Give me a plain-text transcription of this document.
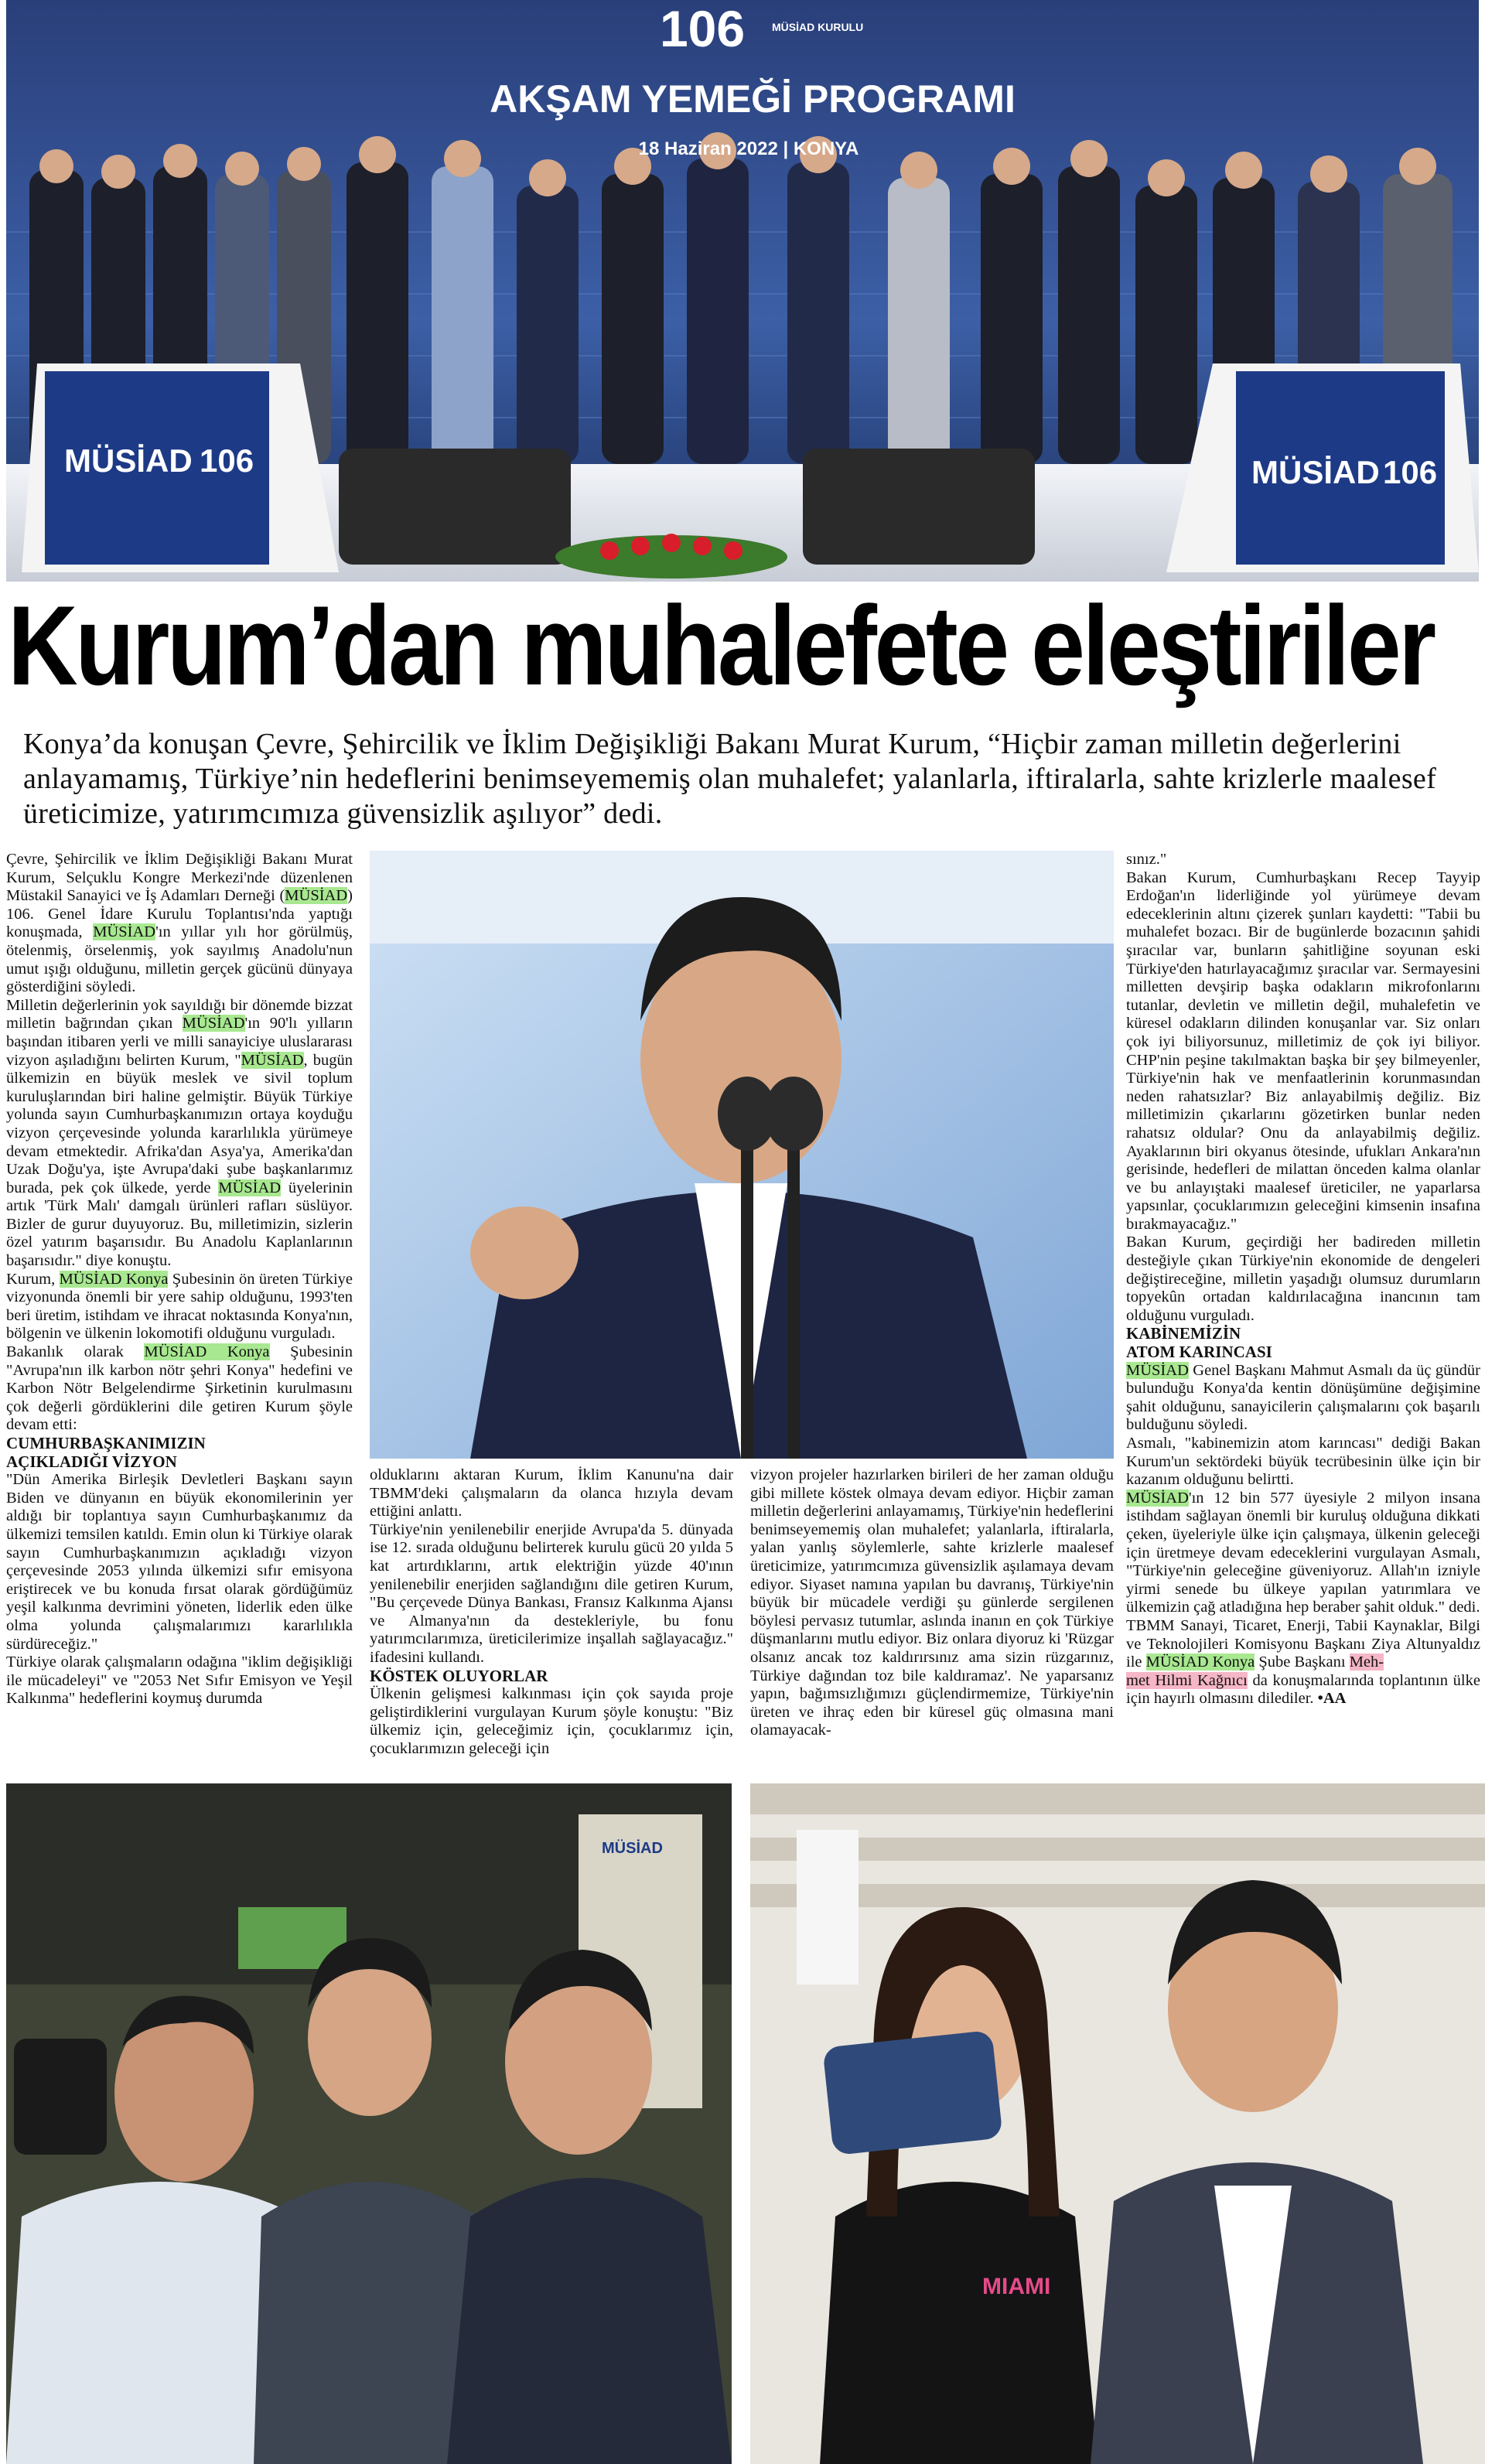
106 MÜSİAD KURULU
AKŞAM YEMEĞİ PROGRAMI
18 Haziran 2022 | KONYA
MÜSİAD 106	MÜSİAD 106
Kurum’dan muhalefete eleştiriler

Konya’da konuşan Çevre, Şehircilik ve İklim Değişikliği Bakanı Murat Kurum, “Hiçbir zaman milletin değerlerini anlayamamış, Türkiye’nin hedeflerini benimseyememiş olan muhalefet; yalanlarla, iftiralarla, sahte krizlerle maalesef üreticimize, yatırımcımıza güvensizlik aşılıyor” dedi.

Çevre, Şehircilik ve İklim Değişikliği Bakanı Murat Kurum, Selçuklu Kongre Merkezi'nde düzenlenen Müstakil Sanayici ve İş Adamları Derneği (MÜSİAD) 106. Genel İdare Kurulu Toplantısı'nda yaptığı konuşmada, MÜSİAD'ın yıllar yılı hor görülmüş, ötelenmiş, örselenmiş, yok sayılmış Anadolu'nun umut ışığı olduğunu, milletin gerçek gücünü dünyaya gösterdiğini söyledi.

Milletin değerlerinin yok sayıldığı bir dönemde bizzat milletin bağrından çıkan MÜSİAD'ın 90'lı yılların başından itibaren yerli ve milli sanayiciye uluslararası vizyon aşıladığını belirten Kurum, "MÜSİAD, bugün ülkemizin en büyük meslek ve sivil toplum kuruluşlarından biri haline gelmiştir. Büyük Türkiye yolunda sayın Cumhurbaşkanımızın ortaya koyduğu vizyon çerçevesinde yolunda kararlılıkla yürümeye devam etmektedir. Afrika'dan Asya'ya, Amerika'dan Uzak Doğu'ya, işte Avrupa'daki şube başkanlarımız burada, pek çok ülkede, yerde MÜSİAD üyelerinin artık 'Türk Malı' damgalı ürünleri rafları süslüyor. Bizler de gurur duyuyoruz. Bu, milletimizin, sizlerin özel yatırım başarısıdır. Bu Anadolu Kaplanlarının başarısıdır." diye konuştu.

Kurum, MÜSİAD Konya Şubesinin ön üreten Türkiye vizyonunda önemli bir yere sahip olduğunu, 1993'ten beri üretim, istihdam ve ihracat noktasında Konya'nın, bölgenin ve ülkenin lokomotifi olduğunu vurguladı.

Bakanlık olarak MÜSİAD Konya Şubesinin "Avrupa'nın ilk karbon nötr şehri Konya" hedefini ve Karbon Nötr Belgelendirme Şirketinin kurulmasını çok değerli gördüklerini dile getiren Kurum şöyle devam etti:

CUMHURBAŞKANIMIZIN
AÇIKLADIĞI VİZYON

"Dün Amerika Birleşik Devletleri Başkanı sayın Biden ve dünyanın en büyük ekonomilerinin yer aldığı bir toplantıya sayın Cumhurbaşkanımız da ülkemizi temsilen katıldı. Emin olun ki Türkiye olarak sayın Cumhurbaşkanımızın açıkladığı vizyon çerçevesinde 2053 yılında ülkemizi sıfır emisyona eriştirecek ve bu konuda fırsat olarak gördüğümüz yeşil kalkınma devrimini yöneten, liderlik eden ülke olma yolunda çalışmalarımızı kararlılıkla sürdüreceğiz."

Türkiye olarak çalışmaların odağına "iklim değişikliği ile mücadeleyi" ve "2053 Net Sıfır Emisyon ve Yeşil Kalkınma" hedeflerini koymuş durumda

olduklarını aktaran Kurum, İklim Kanunu'na dair TBMM'deki çalışmaların da olanca hızıyla devam ettiğini anlattı.

Türkiye'nin yenilenebilir enerjide Avrupa'da 5. dünyada ise 12. sırada olduğunu belirterek kurulu gücü 20 yılda 5 kat artırdıklarını, artık elektriğin yüzde 40'ının yenilenebilir enerjiden sağlandığını dile getiren Kurum, "Bu çerçevede Dünya Bankası, Fransız Kalkınma Ajansı ve Almanya'nın da destekleriyle, bu fonu yatırımcılarımıza, üreticilerimize inşallah sağlayacağız." ifadesini kullandı.

KÖSTEK OLUYORLAR

Ülkenin gelişmesi kalkınması için çok sayıda proje geliştirdiklerini vurgulayan Kurum şöyle konuştu: "Biz ülkemiz için, geleceğimiz için, çocuklarımız için, çocuklarımızın geleceği için

vizyon projeler hazırlarken birileri de her zaman olduğu gibi millete köstek olmaya devam ediyor. Hiçbir zaman milletin değerlerini anlayamamış, Türkiye'nin hedeflerini benimseyememiş olan muhalefet; yalanlarla, iftiralarla, yalan yanlış söylemlerle, sahte krizlerle maalesef üreticimize, yatırımcımıza güvensizlik aşılamaya devam ediyor. Siyaset namına yapılan bu davranış, Türkiye'nin büyük bir mücadele verdiği şu günlerde sergilenen böylesi pervasız tutumlar, aslında inanın en çok Türkiye düşmanlarını mutlu ediyor. Biz onlara diyoruz ki 'Rüzgar olsanız ancak toz kaldırırsınız ama sizin rüzgarınız, Türkiye dağından toz bile kaldıramaz'. Ne yaparsanız yapın, bağımsızlığımızı güçlendirmemize, Türkiye'nin üreten ve ihraç eden bir küresel güç olmasına mani olamayacak-

sınız."

Bakan Kurum, Cumhurbaşkanı Recep Tayyip Erdoğan'ın liderliğinde yol yürümeye devam edeceklerinin altını çizerek şunları kaydetti: "Tabii bu muhalefet bozacı. Bir de bugünlerde bozacının şahidi şıracılar var, bunların şahitliğine soyunan eski Türkiye'den hatırlayacağımız şıracılar var. Sermayesini milletten devşirip başka odakların mikrofonlarını tutanlar, devletin ve milletin değil, muhalefetin ve küresel odakların dilinden konuşanlar var. Siz onları çok iyi biliyorsunuz, milletimiz de çok iyi biliyor. CHP'nin peşine takılmaktan başka bir şey bilmeyenler, Türkiye'nin hak ve menfaatlerinin korunmasından neden rahatsızlar? Biz anlayabilmiş değiliz. Biz milletimizin çıkarlarını gözetirken bunlar neden rahatsız oldular? Onu da anlayabilmiş değiliz. Ayaklarının biri okyanus ötesinde, ufukları Ankara'nın gerisinde, hedefleri de milattan önceden kalma olanlar ve bu anlayıştaki maalesef üreticiler, ne yaparlarsa yapsınlar, çocuklarımızın geleceğini kimsenin insafına bırakmayacağız."

Bakan Kurum, geçirdiği her badireden milletin desteğiyle çıkan Türkiye'nin ekonomide de dengeleri değiştireceğine, milletin yaşadığı olumsuz durumların topyekûn ortadan kaldırılacağına inancının tam olduğunu vurguladı.

KABİNEMİZİN
ATOM KARINCASI

MÜSİAD Genel Başkanı Mahmut Asmalı da üç gündür bulunduğu Konya'da kentin dönüşümüne değişimine şahit olduğunu, sanayicilerin çalışmalarını çok başarılı bulduğunu söyledi.

Asmalı, "kabinemizin atom karıncası" dediği Bakan Kurum'un sektördeki büyük tecrübesinin ülke için bir kazanım olduğunu belirtti.

MÜSİAD'ın 12 bin 577 üyesiyle 2 milyon insana istihdam sağlayan önemli bir kuruluş olduğuna dikkati çeken, üyeleriyle ülke için çalışmaya, ülkenin geleceği için üretmeye devam edeceklerini vurgulayan Asmalı, "Türkiye'nin geleceğine güveniyoruz. Allah'ın izniyle yirmi senede bu ülkeye yapılan yatırımlara ve ülkemizin çağ atladığına hep beraber şahit olduk." dedi.

TBMM Sanayi, Ticaret, Enerji, Tabii Kaynaklar, Bilgi ve Teknolojileri Komisyonu Başkanı Ziya Altunyaldız ile MÜSİAD Konya Şube Başkanı Meh-
met Hilmi Kağnıcı da konuşmalarında toplantının ülke için hayırlı olmasını dilediler. •AA

MÜSİAD
MIAMI
